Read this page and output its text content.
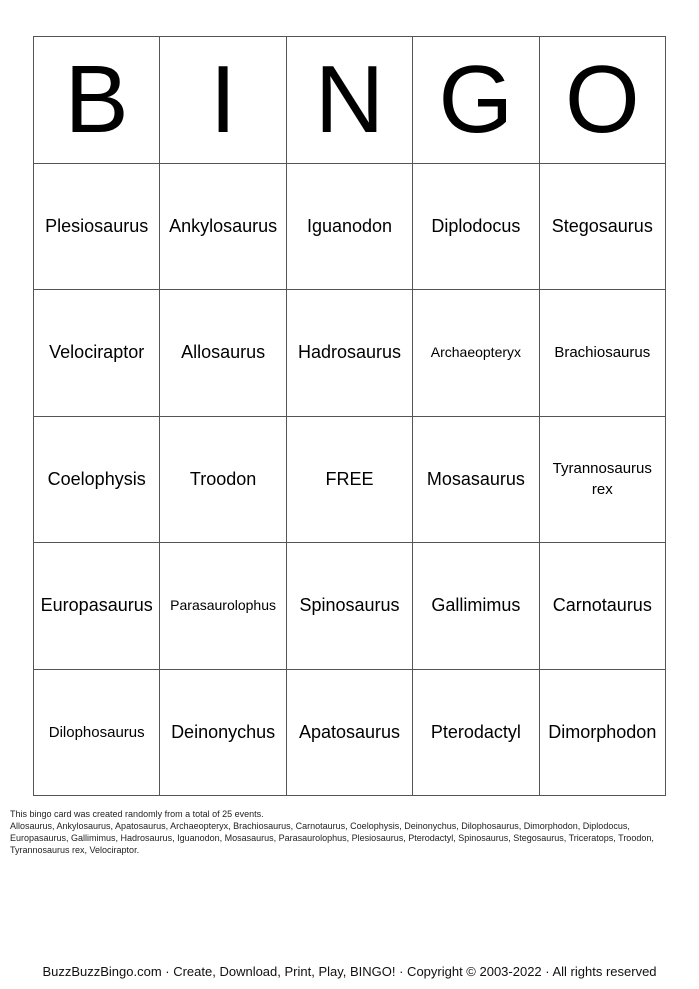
B I N G O
Plesiosaurus Ankylosaurus Iguanodon Diplodocus Stegosaurus
Velociraptor Allosaurus Hadrosaurus Archaeopteryx Brachiosaurus
Coelophysis Troodon	FREE	Mosasaurus	Tyrannosaurus rex
Europasaurus Parasaurolophus Spinosaurus Gallimimus Carnotaurus
Dilophosaurus Deinonychus Apatosaurus Pterodactyl Dimorphodon
This bingo card was created randomly from a total of 25 events.
Allosaurus, Ankylosaurus, Apatosaurus, Archaeopteryx, Brachiosaurus, Carnotaurus, Coelophysis, Deinonychus, Dilophosaurus, Dimorphodon, Diplodocus, Europasaurus, Gallimimus, Hadrosaurus, Iguanodon, Mosasaurus, Parasaurolophus, Plesiosaurus, Pterodactyl, Spinosaurus, Stegosaurus, Triceratops, Troodon, Tyrannosaurus rex, Velociraptor.
BuzzBuzzBingo.com · Create, Download, Print, Play, BINGO! · Copyright © 2003-2022 · All rights reserved
